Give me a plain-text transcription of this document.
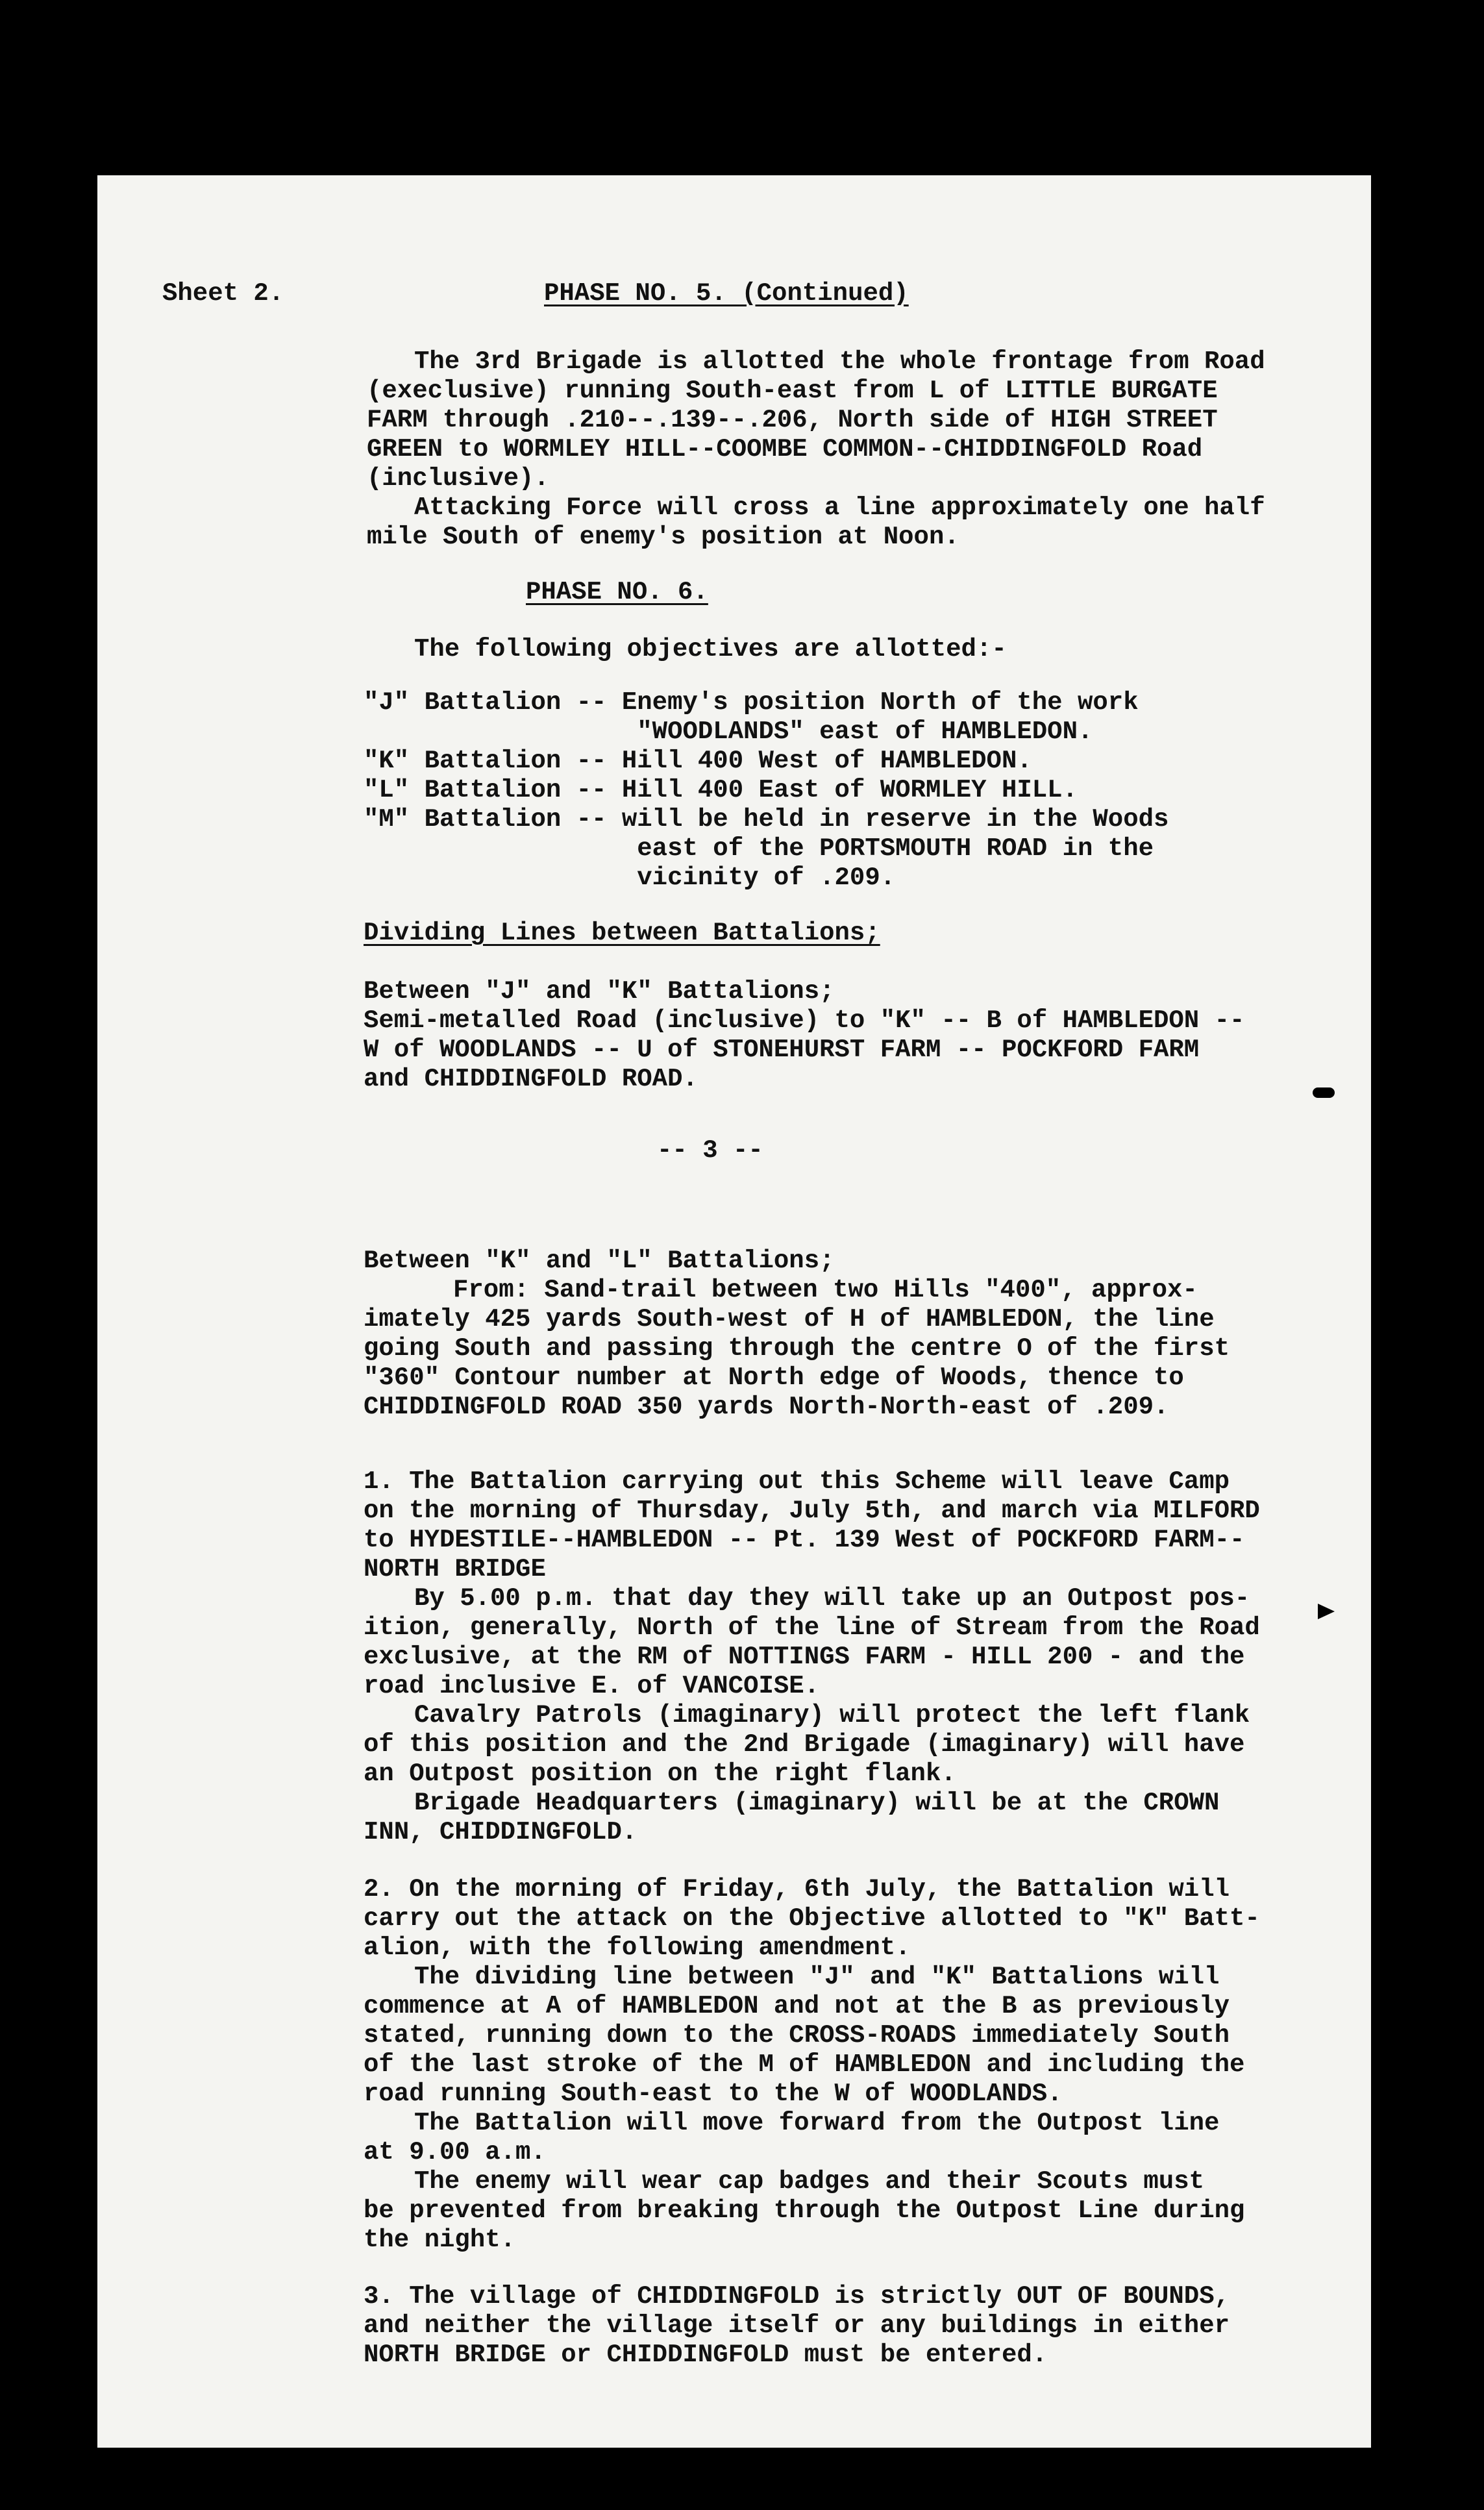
Sheet 2.	PHASE NO. 5. (Continued)
The 3rd Brigade is allotted the whole frontage from Road
(execlusive) running South-east from L of LITTLE BURGATE
FARM through .210--.139--.206, North side of HIGH STREET
GREEN to WORMLEY HILL--COOMBE COMMON--CHIDDINGFOLD Road
(inclusive).
Attacking Force will cross a line approximately one half
mile South of enemy's position at Noon.
PHASE NO. 6.
The following objectives are allotted:-
"J" Battalion -- Enemy's position North of the work
"WOODLANDS" east of HAMBLEDON.
"K" Battalion -- Hill 400 West of HAMBLEDON.
"L" Battalion -- Hill 400 East of WORMLEY HILL.
"M" Battalion -- will be held in reserve in the Woods
east of the PORTSMOUTH ROAD in the
vicinity of .209.
Dividing Lines between Battalions;
Between "J" and "K" Battalions;
Semi-metalled Road (inclusive) to "K" -- B of HAMBLEDON --
W of WOODLANDS -- U of STONEHURST FARM -- POCKFORD FARM
and CHIDDINGFOLD ROAD.
-- 3 --
Between "K" and "L" Battalions;
From: Sand-trail between two Hills "400", approx-
imately 425 yards South-west of H of HAMBLEDON, the line
going South and passing through the centre O of the first
"360" Contour number at North edge of Woods, thence to
CHIDDINGFOLD ROAD 350 yards North-North-east of .209.
1. The Battalion carrying out this Scheme will leave Camp
on the morning of Thursday, July 5th, and march via MILFORD
to HYDESTILE--HAMBLEDON -- Pt. 139 West of POCKFORD FARM--
NORTH BRIDGE
By 5.00 p.m. that day they will take up an Outpost pos-
ition, generally, North of the line of Stream from the Road
exclusive, at the RM of NOTTINGS FARM - HILL 200 - and the
road inclusive E. of VANCOISE.
Cavalry Patrols (imaginary) will protect the left flank
of this position and the 2nd Brigade (imaginary) will have
an Outpost position on the right flank.
Brigade Headquarters (imaginary) will be at the CROWN
INN, CHIDDINGFOLD.
2. On the morning of Friday, 6th July, the Battalion will
carry out the attack on the Objective allotted to "K" Batt-
alion, with the following amendment.
The dividing line between "J" and "K" Battalions will
commence at A of HAMBLEDON and not at the B as previously
stated, running down to the CROSS-ROADS immediately South
of the last stroke of the M of HAMBLEDON and including the
road running South-east to the W of WOODLANDS.
The Battalion will move forward from the Outpost line
at 9.00 a.m.
The enemy will wear cap badges and their Scouts must
be prevented from breaking through the Outpost Line during
the night.
3. The village of CHIDDINGFOLD is strictly OUT OF BOUNDS,
and neither the village itself or any buildings in either
NORTH BRIDGE or CHIDDINGFOLD must be entered.
